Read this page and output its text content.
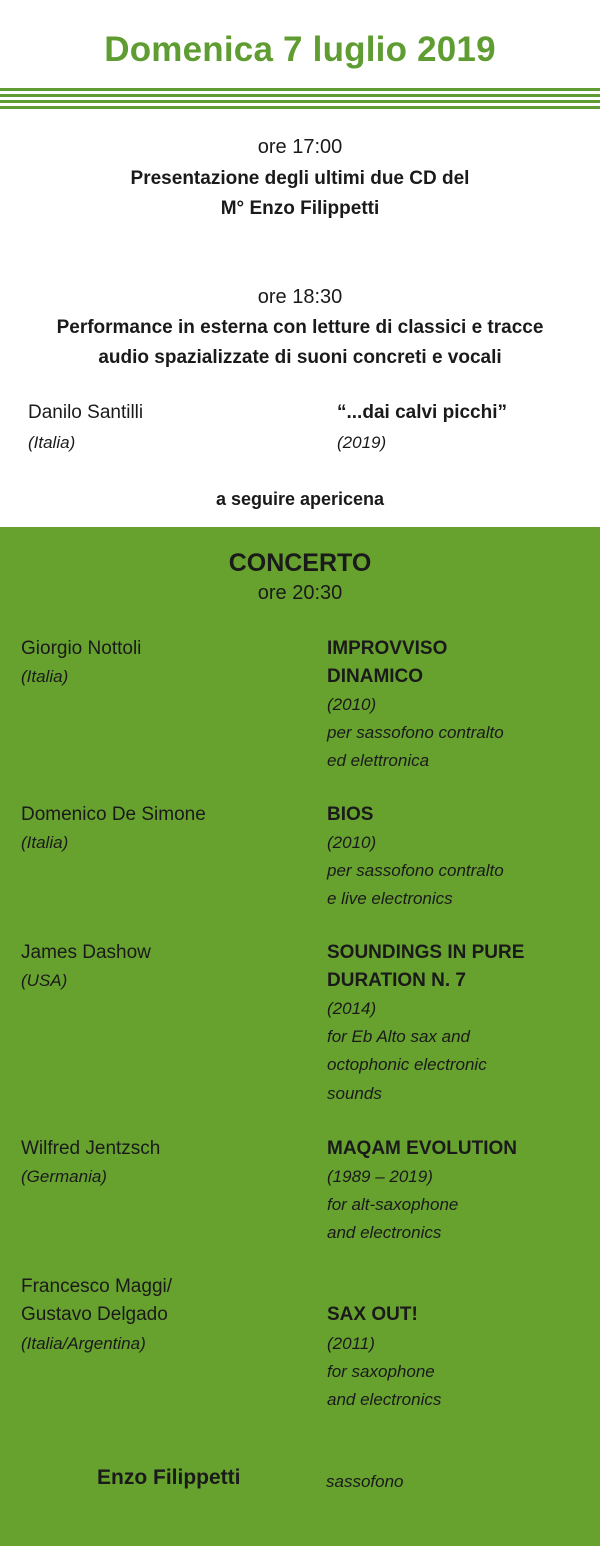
Domenica 7 luglio 2019
ore 17:00
Presentazione degli ultimi due CD del
M° Enzo Filippetti
ore 18:30
Performance in esterna con letture di classici e tracce
audio spazializzate di suoni concreti e vocali
Danilo Santilli
(Italia)
“...dai calvi picchi”
(2019)
a seguire apericena
CONCERTO
ore 20:30
Giorgio Nottoli
(Italia)
IMPROVVISO
DINAMICO
(2010)
per sassofono contralto
ed elettronica
Domenico De Simone
(Italia)
BIOS
(2010)
per sassofono contralto
e live electronics
James Dashow
(USA)
SOUNDINGS IN PURE
DURATION N. 7
(2014)
for Eb Alto sax and
octophonic electronic
sounds
Wilfred Jentzsch
(Germania)
MAQAM EVOLUTION
(1989 – 2019)
for alt-saxophone
and electronics
Francesco Maggi/
Gustavo Delgado
(Italia/Argentina)
SAX OUT!
(2011)
for saxophone
and electronics
Enzo Filippetti	sassofono
